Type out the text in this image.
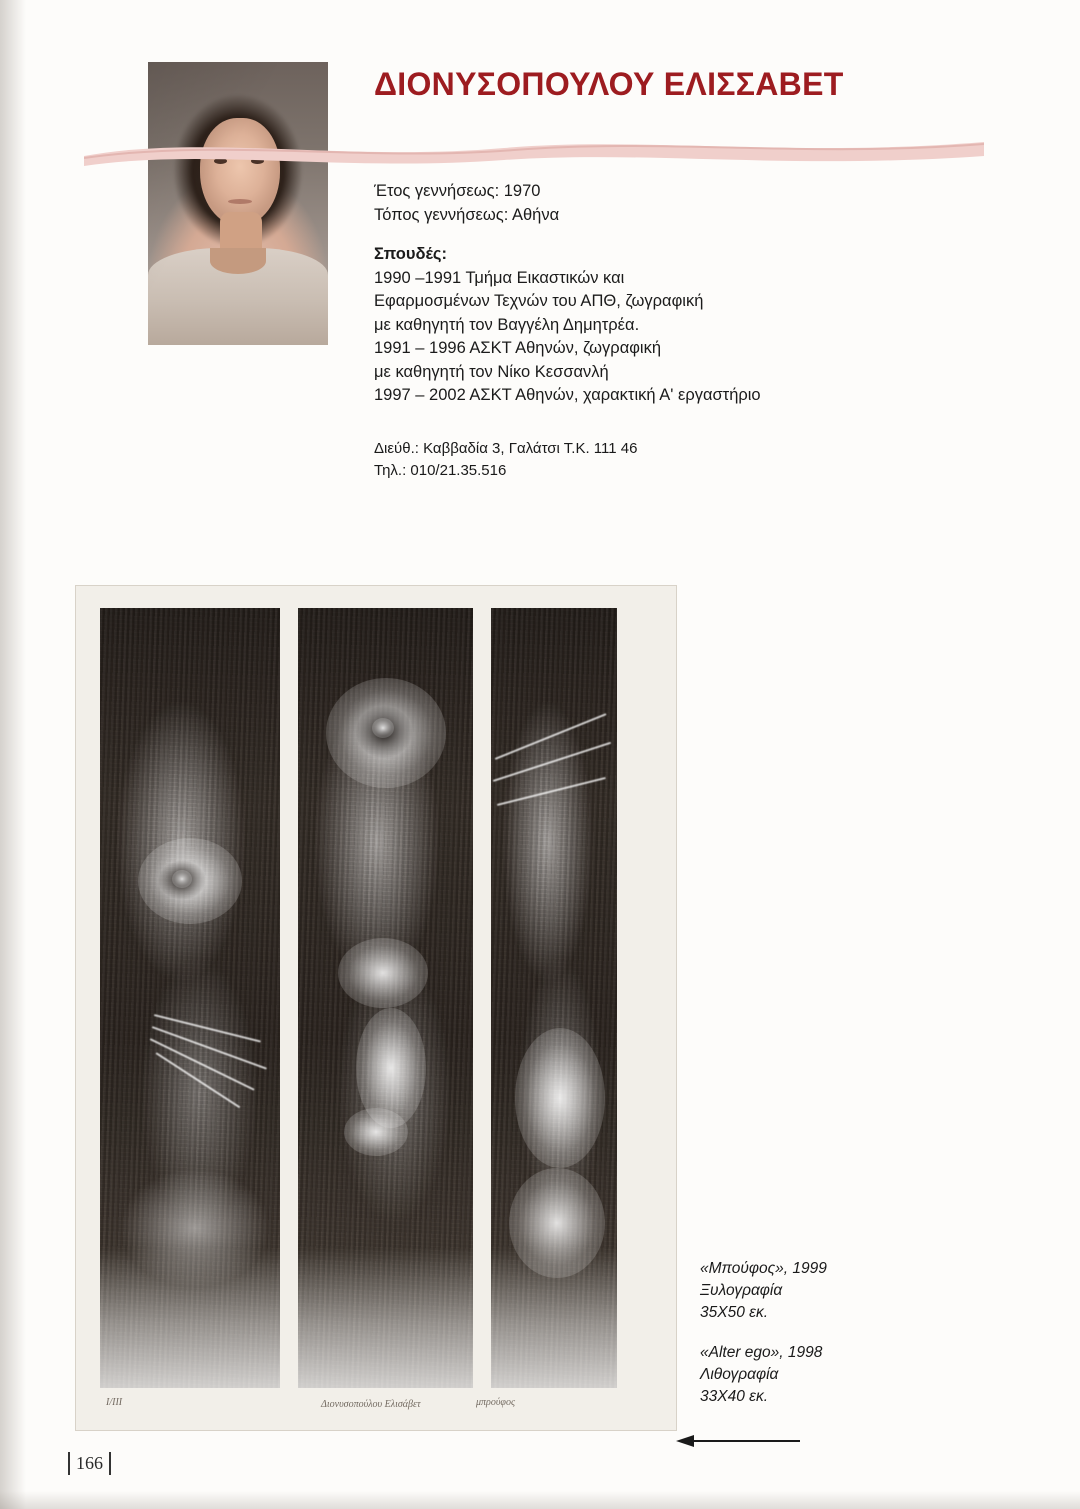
ΔΙΟΝΥΣΟΠΟΥΛΟΥ ΕΛΙΣΣΑΒΕΤ
Έτος γεννήσεως: 1970
Τόπος γεννήσεως: Αθήνα
Σπουδές:
1990 –1991 Τμήμα Εικαστικών και
Εφαρμοσμένων Τεχνών του ΑΠΘ, ζωγραφική
με καθηγητή τον Βαγγέλη Δημητρέα.
1991 – 1996 ΑΣΚΤ Αθηνών, ζωγραφική
με καθηγητή τον Νίκο Κεσσανλή
1997 – 2002 ΑΣΚΤ Αθηνών, χαρακτική Α' εργαστήριο
Διεύθ.: Καββαδία 3, Γαλάτσι Τ.Κ. 111 46
Τηλ.: 010/21.35.516
I/III	Διονυσοπούλου Ελισάβετ	μπρούφος
«Μπούφος», 1999
Ξυλογραφία
35Χ50 εκ.
«Alter ego», 1998
Λιθογραφία
33Χ40 εκ.
166
